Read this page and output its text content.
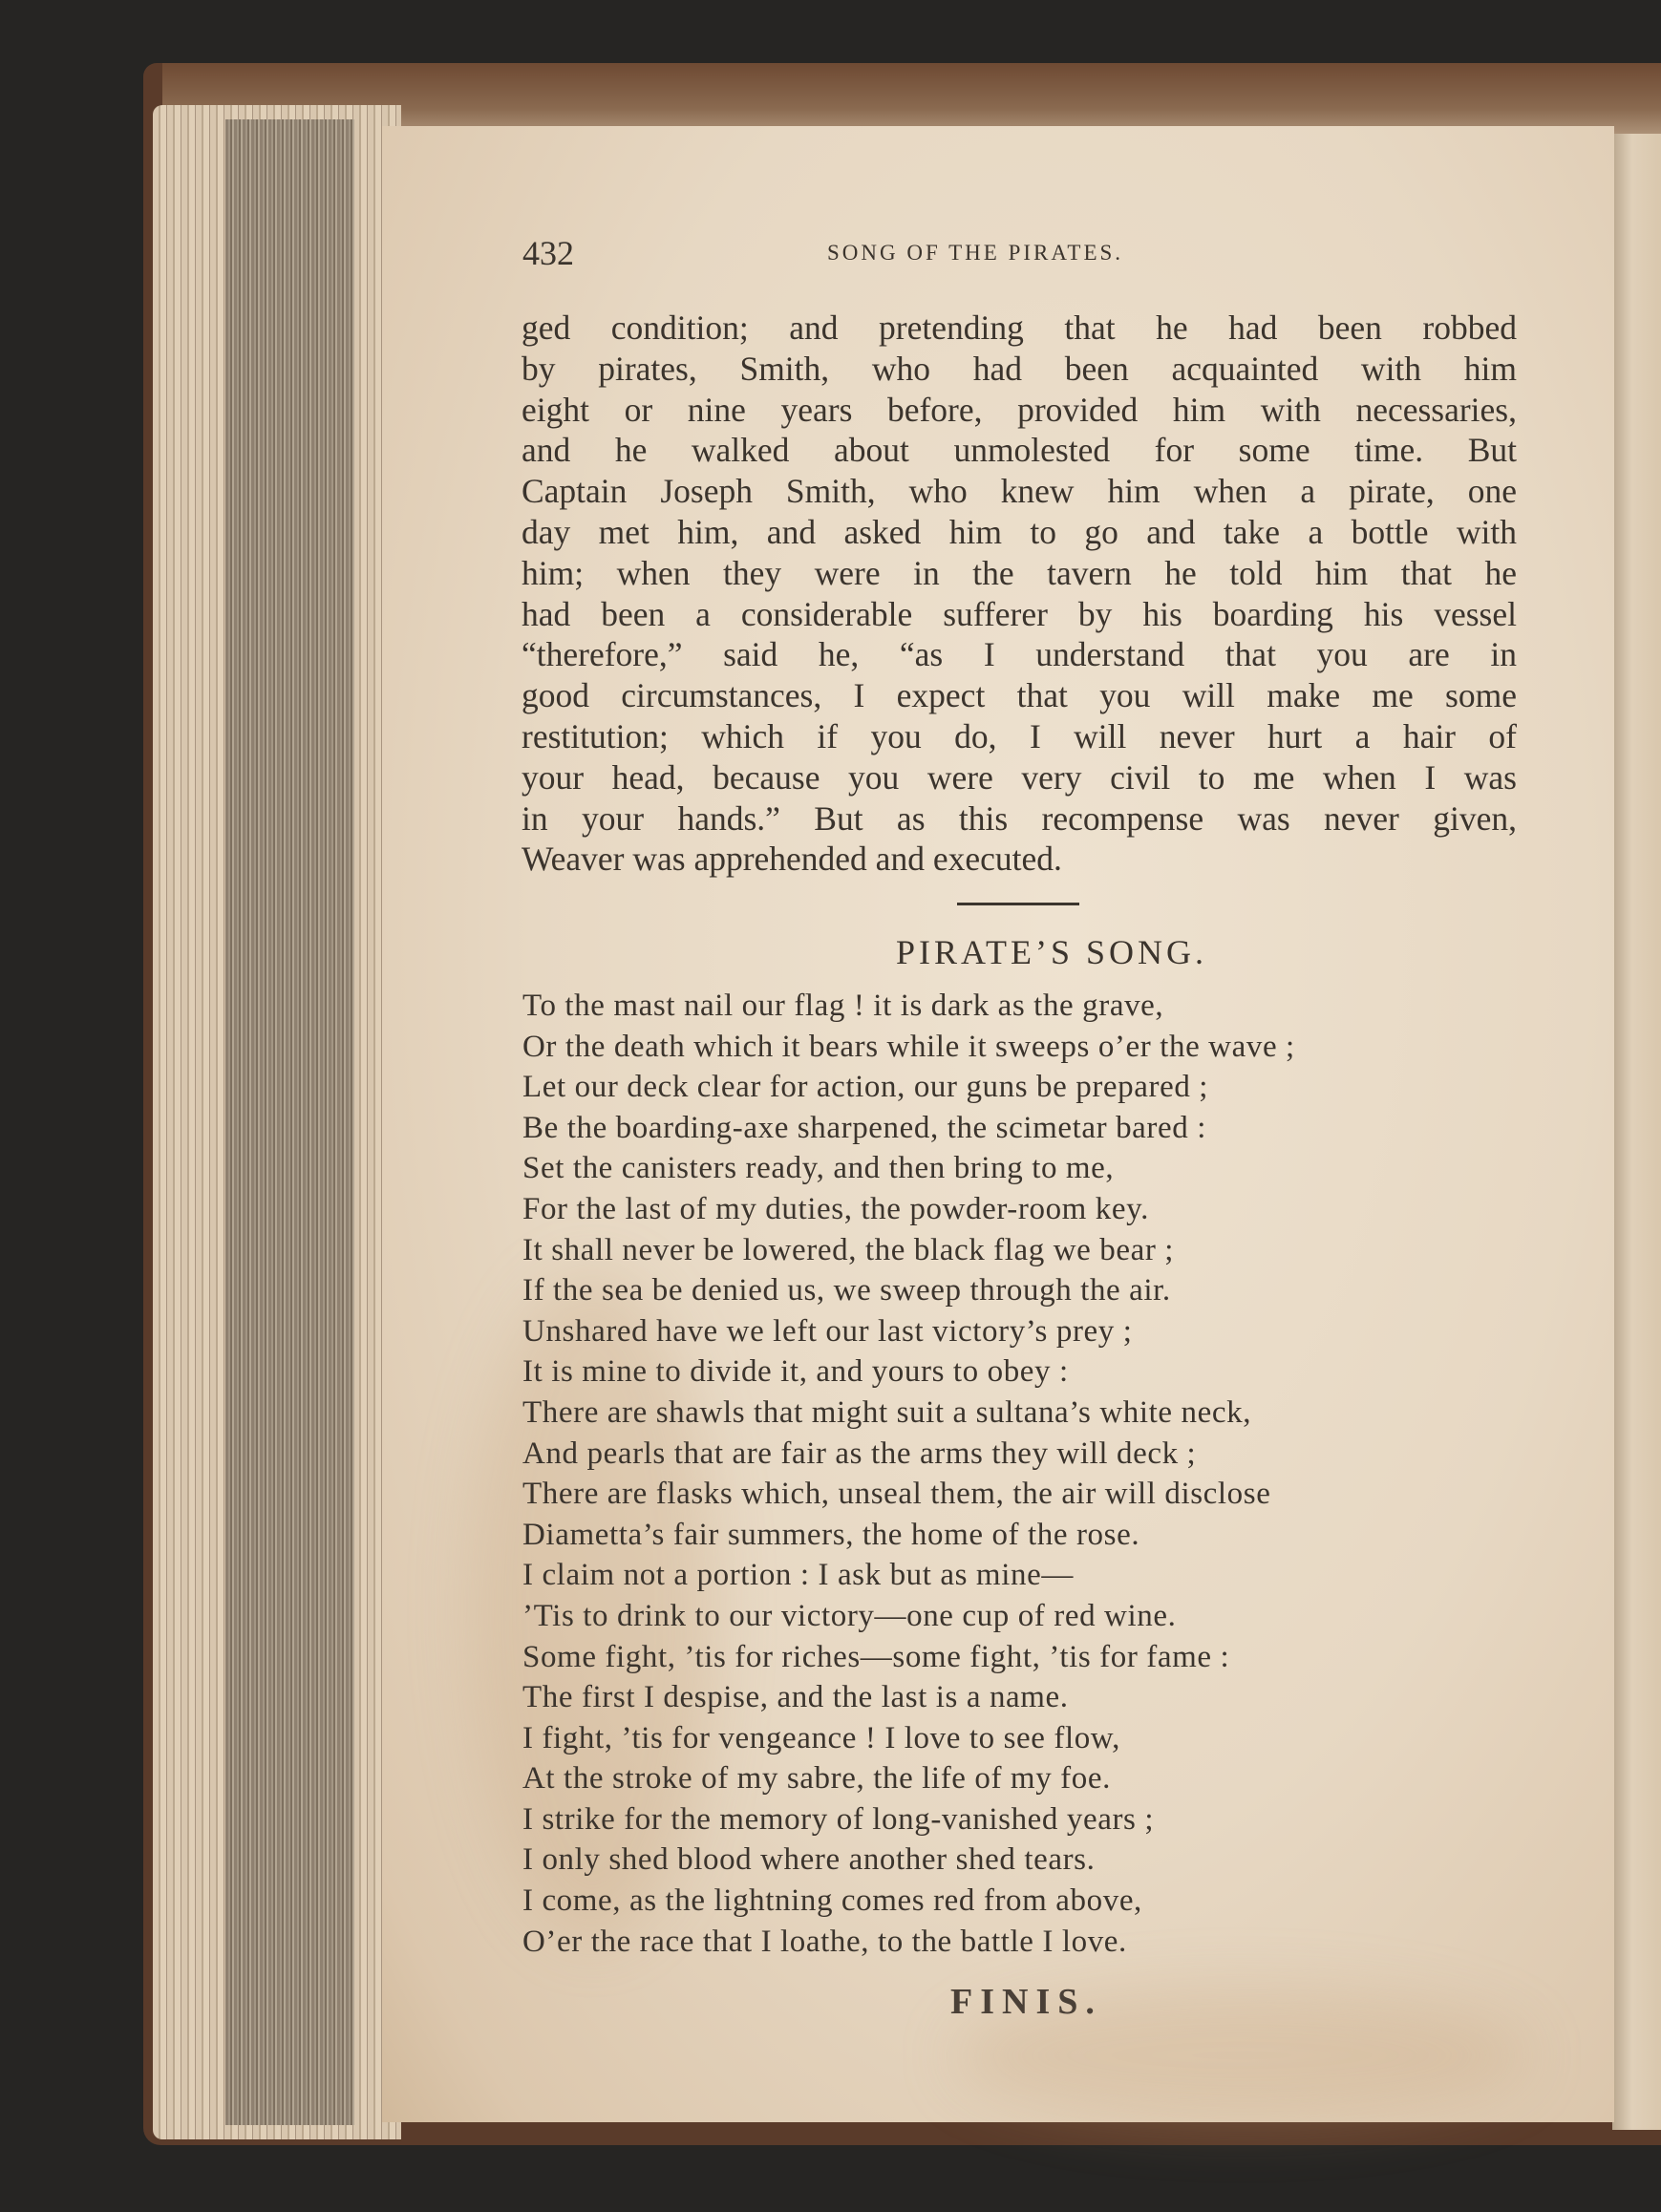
432	SONG OF THE PIRATES.
ged condition; and pretending that he had been robbed
by pirates, Smith, who had been acquainted with him
eight or nine years before, provided him with necessaries,
and he walked about unmolested for some time. But
Captain Joseph Smith, who knew him when a pirate, one
day met him, and asked him to go and take a bottle with
him; when they were in the tavern he told him that he
had been a considerable sufferer by his boarding his vessel
“therefore,” said he, “as I understand that you are in
good circumstances, I expect that you will make me some
restitution; which if you do, I will never hurt a hair of
your head, because you were very civil to me when I was
in your hands.” But as this recompense was never given,
Weaver was apprehended and executed.
PIRATE’S SONG.
To the mast nail our flag ! it is dark as the grave,
Or the death which it bears while it sweeps o’er the wave ;
Let our deck clear for action, our guns be prepared ;
Be the boarding-axe sharpened, the scimetar bared :
Set the canisters ready, and then bring to me,
For the last of my duties, the powder-room key.
It shall never be lowered, the black flag we bear ;
If the sea be denied us, we sweep through the air.
Unshared have we left our last victory’s prey ;
It is mine to divide it, and yours to obey :
There are shawls that might suit a sultana’s white neck,
And pearls that are fair as the arms they will deck ;
There are flasks which, unseal them, the air will disclose
Diametta’s fair summers, the home of the rose.
I claim not a portion : I ask but as mine—
’Tis to drink to our victory—one cup of red wine.
Some fight, ’tis for riches—some fight, ’tis for fame :
The first I despise, and the last is a name.
I fight, ’tis for vengeance ! I love to see flow,
At the stroke of my sabre, the life of my foe.
I strike for the memory of long-vanished years ;
I only shed blood where another shed tears.
I come, as the lightning comes red from above,
O’er the race that I loathe, to the battle I love.
FINIS.
